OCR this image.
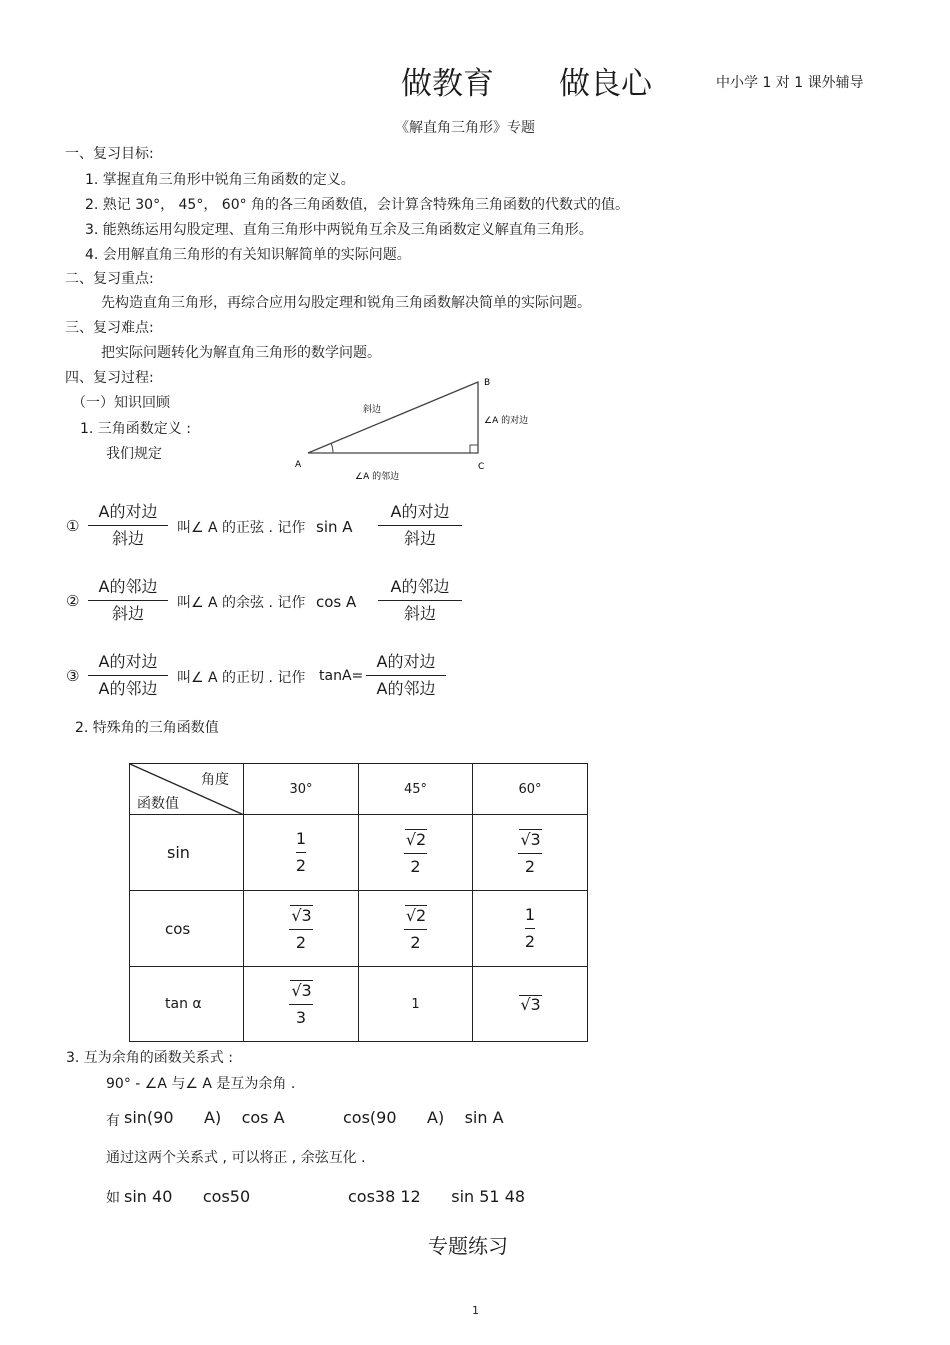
做教育 做良心	中小学 1 对 1 课外辅导
《解直角三角形》专题
一、复习目标:
1. 掌握直角三角形中锐角三角函数的定义。
2. 熟记 30°， 45°， 60° 角的各三角函数值，会计算含特殊角三角函数的代数式的值。
3. 能熟练运用勾股定理、直角三角形中两锐角互余及三角函数定义解直角三角形。
4. 会用解直角三角形的有关知识解简单的实际问题。
二、复习重点:
先构造直角三角形，再综合应用勾股定理和锐角三角函数解决简单的实际问题。
三、复习难点:
把实际问题转化为解直角三角形的数学问题。
四、复习过程:
（一）知识回顾
1. 三角函数定义 :
我们规定
A
B
C
斜边
∠A 的对边
∠A 的邻边
①
A的对边
斜边
叫∠ A 的正弦 . 记作 sin A
A的对边
斜边
②
A的邻边
斜边
叫∠ A 的余弦 . 记作 cos A
A的邻边
斜边
③
A的对边
A的邻边
叫∠ A 的正切 . 记作 tanA=
A的对边
A的邻边
2. 特殊角的三角函数值
角度
函数值	30°	45°	60°
sin	$\frac{1}{2}$	$\frac{√2}{2}$	$\frac{√3}{2}$

cos	$\frac{√3}{2}$	$\frac{√2}{2}$	$\frac{1}{2}$

tan α	$\frac{√3}{3}$	1	√3
3. 互为余角的函数关系式 :
90° - ∠A 与∠ A 是互为余角 .
有 sin(90      A)    cos A	cos(90      A)    sin A
通过这两个关系式 , 可以将正 , 余弦互化 .
如 sin 40      cos50	cos38 12      sin 51 48
专题练习
1
